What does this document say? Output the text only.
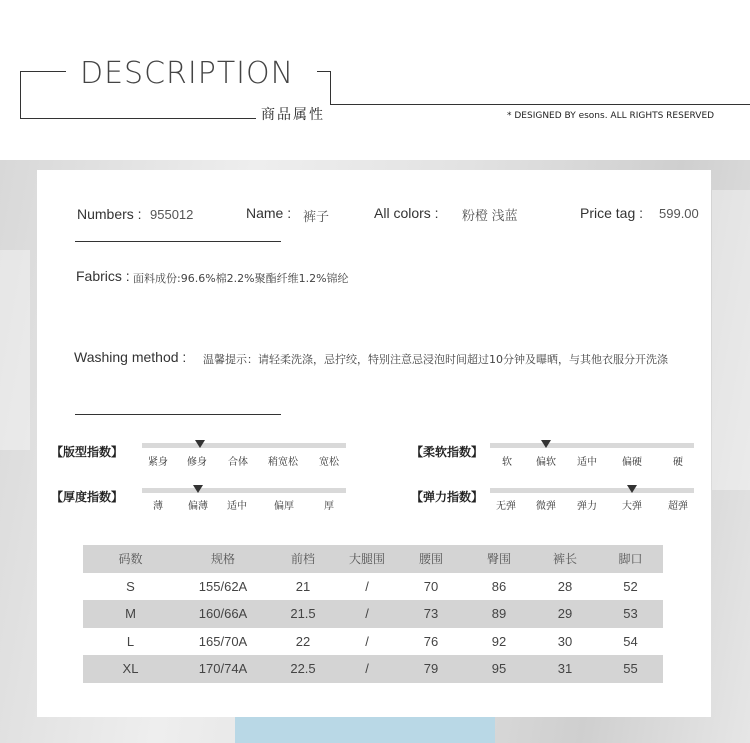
DESCRIPTION
商品属性	* DESIGNED BY esons. ALL RIGHTS RESERVED
Numbers : 955012	Name : 裤子	All colors : 粉橙 浅蓝	Price tag : 599.00
Fabrics : 面料成份:96.6%棉2.2%聚酯纤维1.2%锦纶
Washing method : 温馨提示：请轻柔洗涤，忌拧绞，特别注意忌浸泡时间超过10分钟及曝晒，与其他衣服分开洗涤
【版型指数】
紧身 修身 合体 稍宽松 宽松
【柔软指数】
软 偏软 适中	偏硬	硬
【厚度指数】
薄	偏薄 适中	偏厚	厚
【弹力指数】
无弹 微弹 弹力	大弹	超弹
码数	规格	前档	大腿围	腰围	臀围	裤长	脚口
S	155/62A	21	/	70	86	28	52
M	160/66A	21.5	/	73	89	29	53
L	165/70A	22	/	76	92	30	54
XL	170/74A	22.5	/	79	95	31	55
